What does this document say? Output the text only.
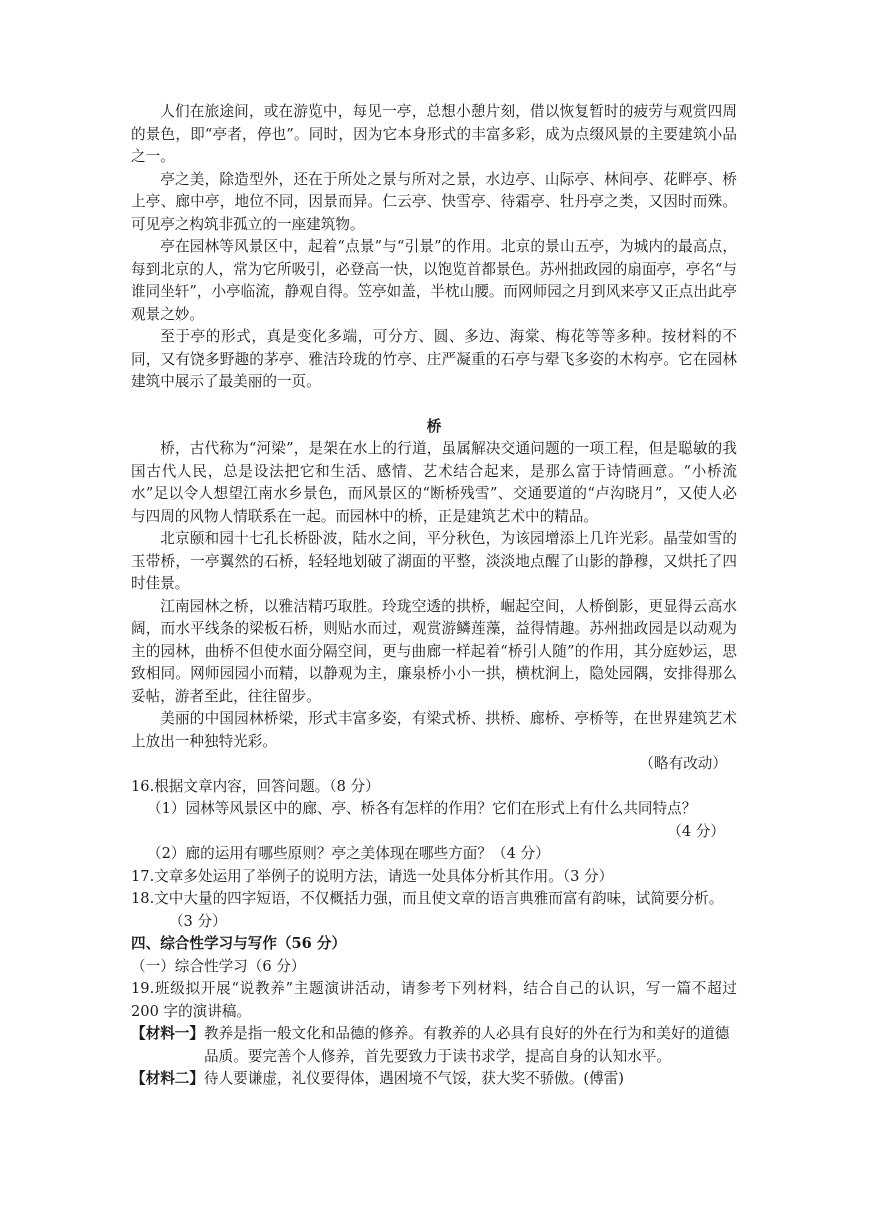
人们在旅途间，或在游览中，每见一亭，总想小憩片刻，借以恢复暂时的疲劳与观赏四周的景色，即“亭者，停也”。同时，因为它本身形式的丰富多彩，成为点缀风景的主要建筑小品之一。

亭之美，除造型外，还在于所处之景与所对之景，水边亭、山际亭、林间亭、花畔亭、桥上亭、廊中亭，地位不同，因景而异。仁云亭、快雪亭、待霜亭、牡丹亭之类，又因时而殊。可见亭之构筑非孤立的一座建筑物。

亭在园林等风景区中，起着“点景”与“引景”的作用。北京的景山五亭，为城内的最高点，每到北京的人，常为它所吸引，必登高一快，以饱览首都景色。苏州拙政园的扇面亭，亭名“与谁同坐轩”，小亭临流，静观自得。笠亭如盖，半枕山腰。而网师园之月到风来亭又正点出此亭观景之妙。

至于亭的形式，真是变化多端，可分方、圆、多边、海棠、梅花等等多种。按材料的不同，又有饶多野趣的茅亭、雅洁玲珑的竹亭、庄严凝重的石亭与翚飞多姿的木构亭。它在园林建筑中展示了最美丽的一页。

桥

桥，古代称为“河梁”，是架在水上的行道，虽属解决交通问题的一项工程，但是聪敏的我国古代人民，总是设法把它和生活、感情、艺术结合起来，是那么富于诗情画意。“小桥流水”足以令人想望江南水乡景色，而风景区的“断桥残雪”、交通要道的“卢沟晓月”，又使人必与四周的风物人情联系在一起。而园林中的桥，正是建筑艺术中的精品。

北京颐和园十七孔长桥卧波，陆水之间，平分秋色，为该园增添上几许光彩。晶莹如雪的玉带桥，一亭翼然的石桥，轻轻地划破了湖面的平整，淡淡地点醒了山影的静穆，又烘托了四时佳景。

江南园林之桥，以雅洁精巧取胜。玲珑空透的拱桥，崛起空间，人桥倒影，更显得云高水阔，而水平线条的梁板石桥，则贴水而过，观赏游鳞莲藻，益得情趣。苏州拙政园是以动观为主的园林，曲桥不但使水面分隔空间，更与曲廊一样起着“桥引人随”的作用，其分庭妙运，思致相同。网师园园小而精，以静观为主，廉泉桥小小一拱，横枕涧上，隐处园隅，安排得那么妥帖，游者至此，往往留步。

美丽的中国园林桥梁，形式丰富多姿，有梁式桥、拱桥、廊桥、亭桥等，在世界建筑艺术上放出一种独特光彩。

（略有改动）

16.根据文章内容，回答问题。（8 分）

（1）园林等风景区中的廊、亭、桥各有怎样的作用？它们在形式上有什么共同特点？

（4 分）

（2）廊的运用有哪些原则？亭之美体现在哪些方面？（4 分）

17.文章多处运用了举例子的说明方法，请选一处具体分析其作用。（3 分）

18.文中大量的四字短语，不仅概括力强，而且使文章的语言典雅而富有韵味，试简要分析。

（3 分）

四、综合性学习与写作（56 分）

（一）综合性学习（6 分）

19.班级拟开展“说教养”主题演讲活动，请参考下列材料，结合自己的认识，写一篇不超过 200 字的演讲稿。

【材料一】 教养是指一般文化和品德的修养。有教养的人必具有良好的外在行为和美好的道德品质。要完善个人修养，首先要致力于读书求学，提高自身的认知水平。
【材料二】 待人要谦虚，礼仪要得体，遇困境不气馁，获大奖不骄傲。(傅雷)
